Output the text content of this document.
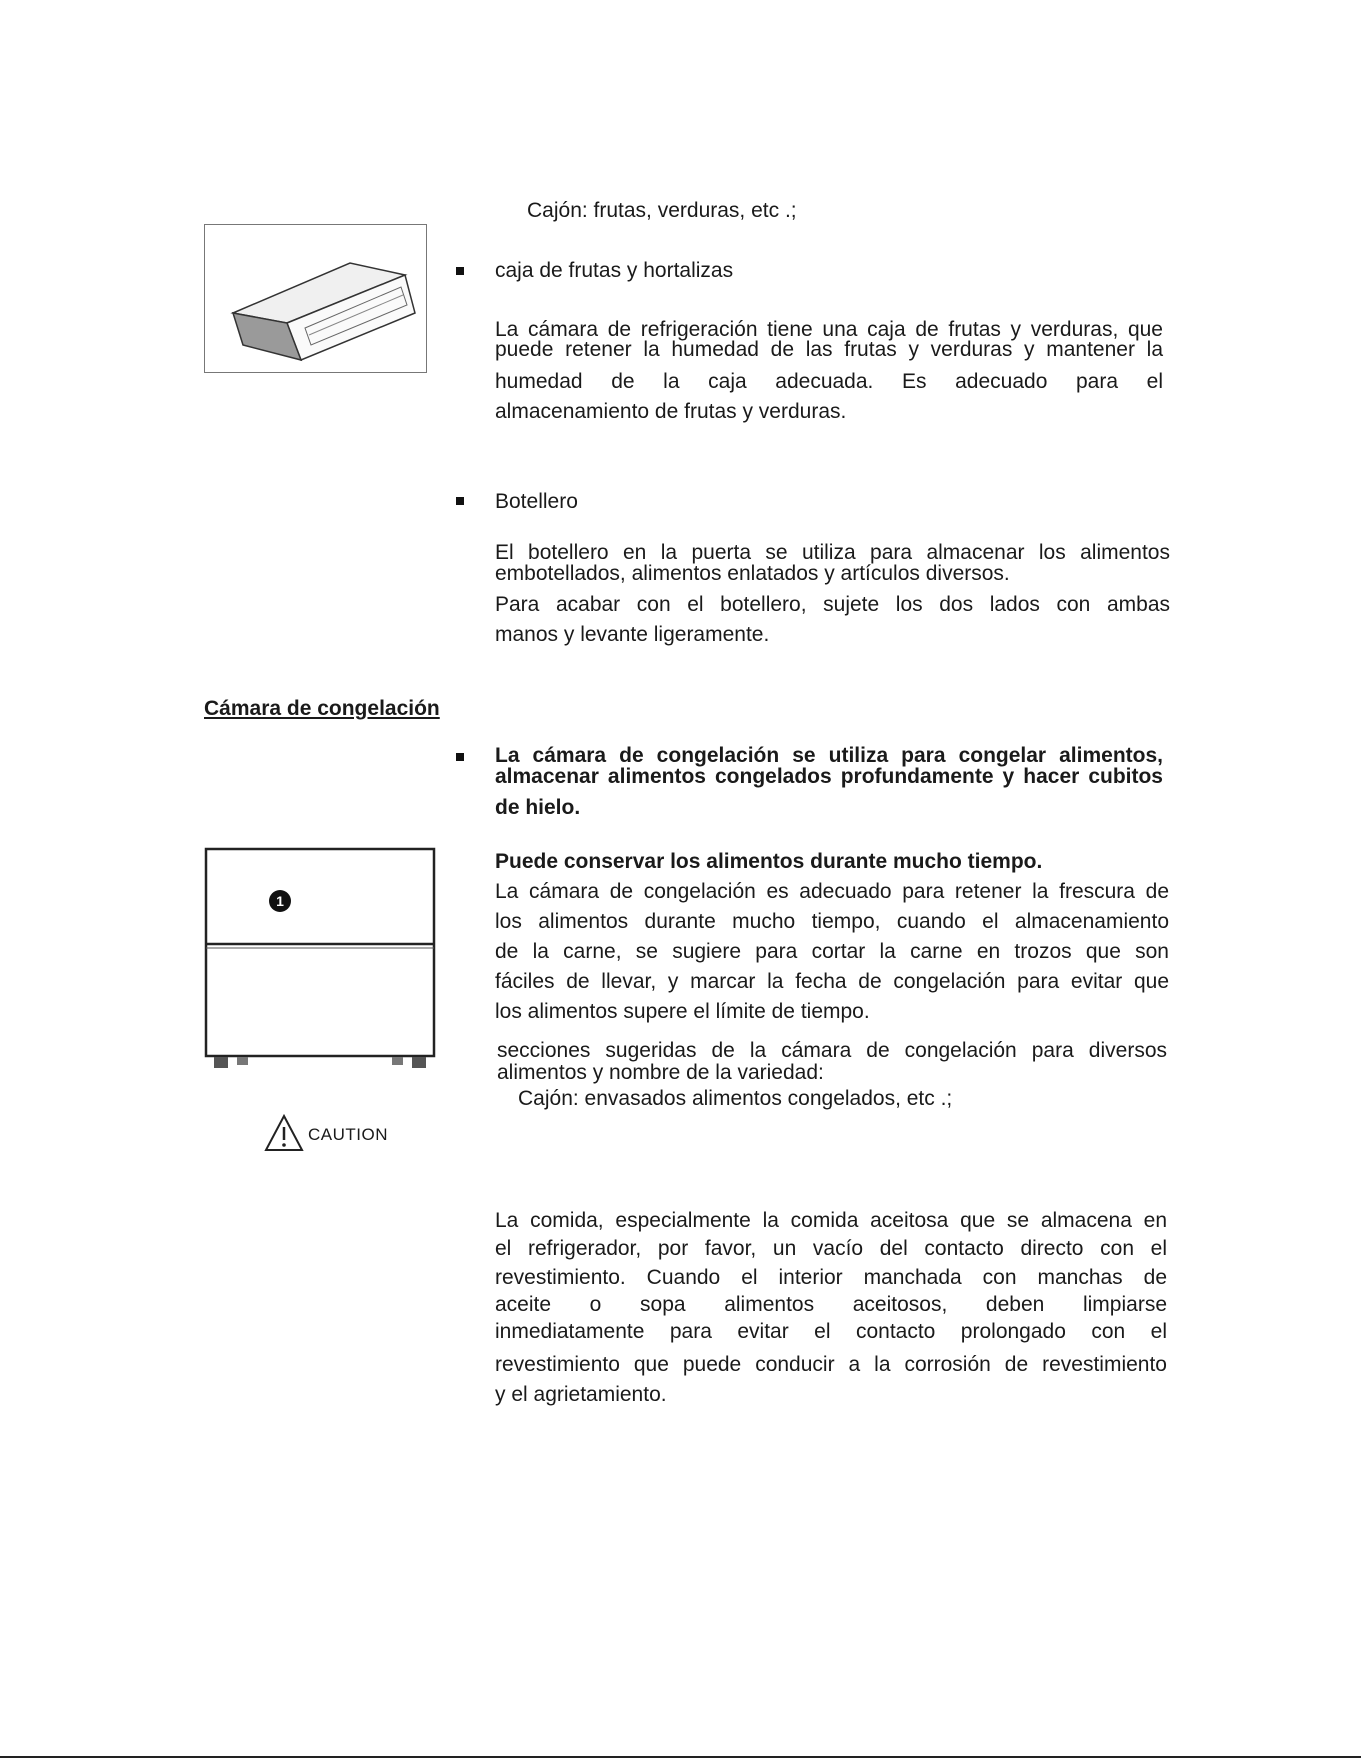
Cajón: frutas, verduras, etc .;
caja de frutas y hortalizas
La cámara de refrigeración tiene una caja de frutas y verduras, que
puede retener la humedad de las frutas y verduras y mantener la
humedad de la caja adecuada. Es adecuado para el
almacenamiento de frutas y verduras.
Botellero
El botellero en la puerta se utiliza para almacenar los alimentos
embotellados, alimentos enlatados y artículos diversos.
Para acabar con el botellero, sujete los dos lados con ambas
manos y levante ligeramente.
Cámara de congelación
La cámara de congelación se utiliza para congelar alimentos,
almacenar alimentos congelados profundamente y hacer cubitos
de hielo.
1
Puede conservar los alimentos durante mucho tiempo.
La cámara de congelación es adecuado para retener la frescura de
los alimentos durante mucho tiempo, cuando el almacenamiento
de la carne, se sugiere para cortar la carne en trozos que son
fáciles de llevar, y marcar la fecha de congelación para evitar que
los alimentos supere el límite de tiempo.
secciones sugeridas de la cámara de congelación para diversos
alimentos y nombre de la variedad:
Cajón: envasados alimentos congelados, etc .;
CAUTION
La comida, especialmente la comida aceitosa que se almacena en
el refrigerador, por favor, un vacío del contacto directo con el
revestimiento. Cuando el interior manchada con manchas de
aceite o sopa alimentos aceitosos, deben limpiarse
inmediatamente para evitar el contacto prolongado con el
revestimiento que puede conducir a la corrosión de revestimiento
y el agrietamiento.
